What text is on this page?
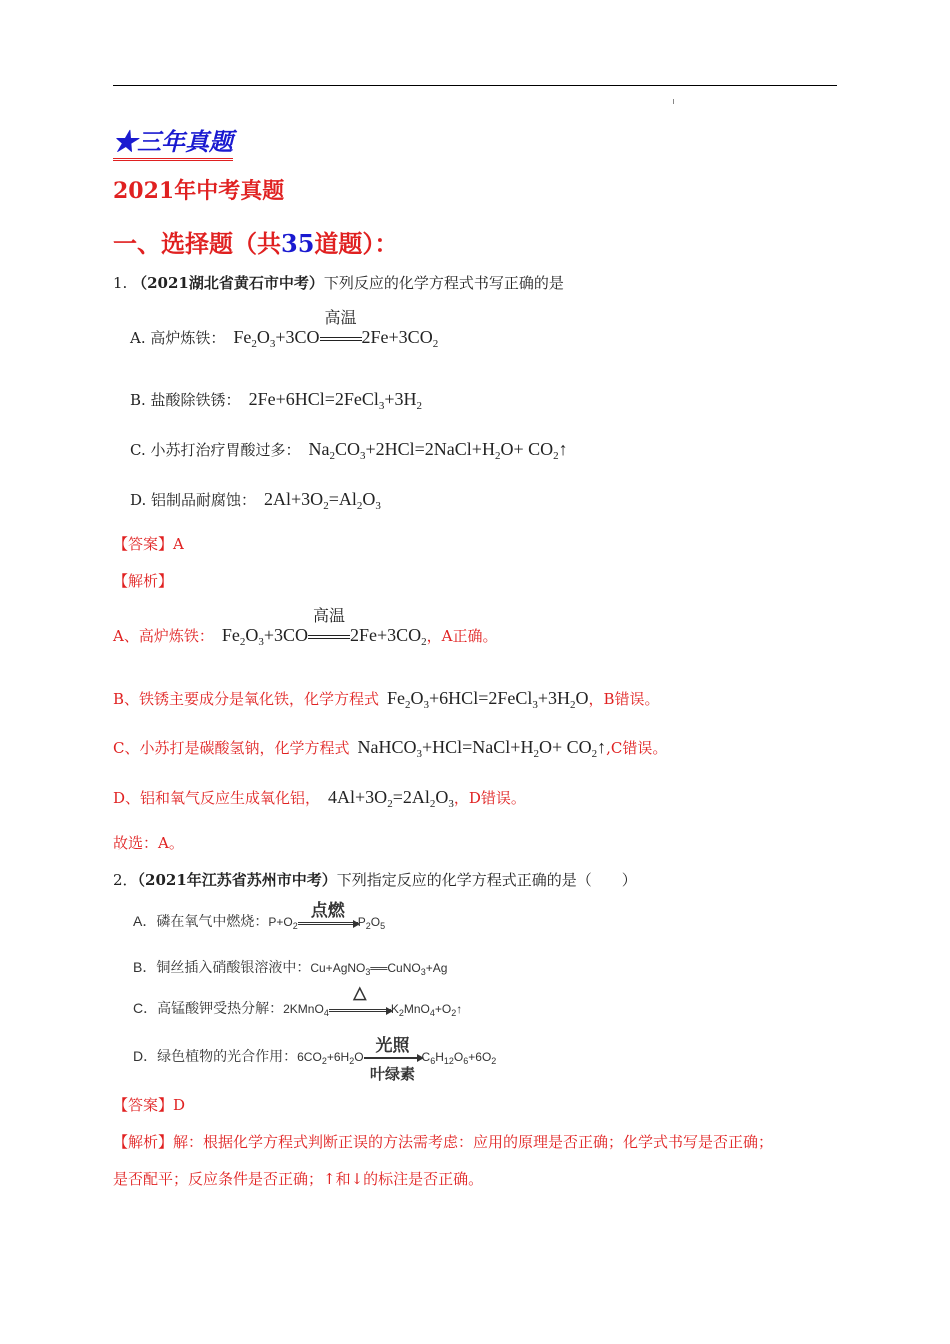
★三年真题
2021年中考真题
一、选择题（共35道题）：
1. （2021湖北省黄石市中考）下列反应的化学方程式书写正确的是
A. 高炉炼铁： $Fe_2O_3+3CO$
高温
$2Fe+3CO_2$
B. 盐酸除铁锈： $2Fe+6HCl=2FeCl_3+3H_2$
C. 小苏打治疗胃酸过多： $Na_2CO_3+2HCl=2NaCl+H_2O+$ $CO_2↑$
D. 铝制品耐腐蚀： $2Al+3O_2=Al_2O_3$
【答案】A
【解析】
A、高炉炼铁： $Fe_2O_3+3CO$
高温
$2Fe+3CO_2$，A正确。
B、铁锈主要成分是氧化铁，化学方程式 $Fe_2O_3+6HCl=2FeCl_3+3H_2O$，B错误。
C、小苏打是碳酸氢钠，化学方程式 $NaHCO_3+HCl=NaCl+H_2O+$ $CO_2↑,C$错误。
D、铝和氧气反应生成氧化铝， $4Al+3O_2=2Al_2O_3$，D错误。
故选：A。
2．（2021年江苏省苏州市中考）下列指定反应的化学方程式正确的是（　　）
A．磷在氧气中燃烧：$P+O_2$
点燃
$P_2O_5$
B．铜丝插入硝酸银溶液中：Cu+AgNO$_3$══CuNO$_3$+Ag
C．高锰酸钾受热分解：2KMnO$_4$
△
$K_2MnO_4+O_2↑$
D．绿色植物的光合作用：$6CO_2+6H_2O$
光照
叶绿素
$C_6H_{12}O_6+6O_2$
【答案】D
【解析】解：根据化学方程式判断正误的方法需考虑：应用的原理是否正确；化学式书写是否正确；
是否配平；反应条件是否正确；↑和↓的标注是否正确。
